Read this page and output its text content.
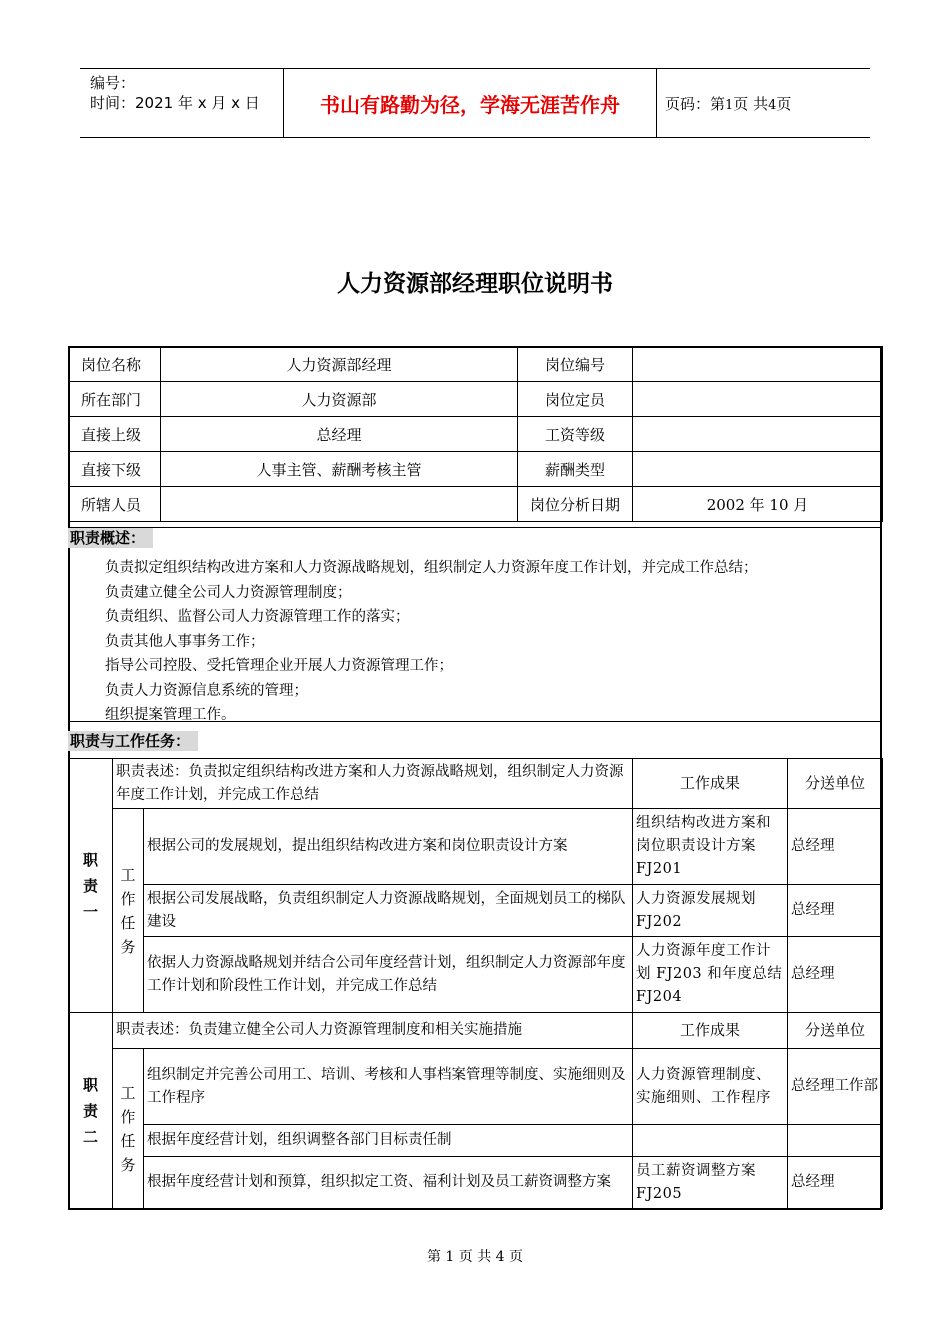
编号：
时间：2021 年 x 月 x 日	书山有路勤为径，学海无涯苦作舟	页码：第1页 共4页
人力资源部经理职位说明书
岗位名称	人力资源部经理	岗位编号	
所在部门	人力资源部	岗位定员	
直接上级	总经理	工资等级	
直接下级	人事主管、薪酬考核主管	薪酬类型	
所辖人员		岗位分析日期	2002 年 10 月
职责概述：
负责拟定组织结构改进方案和人力资源战略规划，组织制定人力资源年度工作计划，并完成工作总结；
负责建立健全公司人力资源管理制度；
负责组织、监督公司人力资源管理工作的落实；
负责其他人事事务工作；
指导公司控股、受托管理企业开展人力资源管理工作；
负责人力资源信息系统的管理；
组织提案管理工作。
职责与工作任务：
职责一	职责表述：负责拟定组织结构改进方案和人力资源战略规划，组织制定人力资源年度工作计划，并完成工作总结		工作成果	分送单位
	工作任务	根据公司的发展规划，提出组织结构改进方案和岗位职责设计方案	组织结构改进方案和岗位职责设计方案 FJ201	总经理
		根据公司发展战略，负责组织制定人力资源战略规划，全面规划员工的梯队建设	人力资源发展规划 FJ202	总经理
		依据人力资源战略规划并结合公司年度经营计划，组织制定人力资源部年度工作计划和阶段性工作计划，并完成工作总结	人力资源年度工作计划 FJ203 和年度总结 FJ204	总经理
职责二	职责表述：负责建立健全公司人力资源管理制度和相关实施措施		工作成果	分送单位
	工作任务	组织制定并完善公司用工、培训、考核和人事档案管理等制度、实施细则及工作程序	人力资源管理制度、实施细则、工作程序	总经理工作部
		根据年度经营计划，组织调整各部门目标责任制		
		根据年度经营计划和预算，组织拟定工资、福利计划及员工薪资调整方案	员工薪资调整方案 FJ205	总经理
第 1 页 共 4 页
